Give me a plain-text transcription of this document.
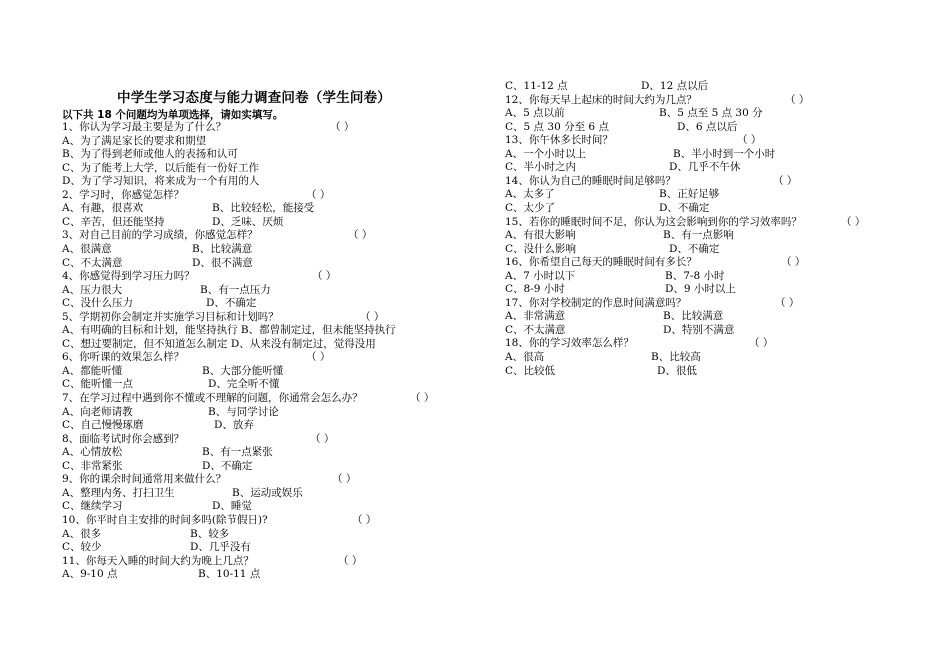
中学生学习态度与能力调查问卷（学生问卷）
以下共 18 个问题均为单项选择，请如实填写。
1、你认为学习最主要是为了什么？	（ ）
A、为了满足家长的要求和期望
B、为了得到老师或他人的表扬和认可
C、为了能考上大学，以后能有一份好工作
D、为了学习知识，将来成为一个有用的人
2、学习时，你感觉怎样？	（ ）
A、有趣，很喜欢	B、比较轻松，能接受
C、辛苦，但还能坚持	D、乏味、厌烦
3、对自己目前的学习成绩，你感觉怎样？	（ ）
A、很满意	B、比较满意
C、不太满意	D、很不满意
4、你感觉得到学习压力吗？	（ ）
A、压力很大	B、有一点压力
C、没什么压力	D、不确定
5、学期初你会制定并实施学习目标和计划吗？	（ ）
A、有明确的目标和计划，能坚持执行 B、都曾制定过，但未能坚持执行
C、想过要制定，但不知道怎么制定 D、从来没有制定过，觉得没用
6、你听课的效果怎么样？	（ ）
A、都能听懂	B、大部分能听懂
C、能听懂一点	D、完全听不懂
7、在学习过程中遇到你不懂或不理解的问题，你通常会怎么办？	（ ）
A、向老师请教	B、与同学讨论
C、自己慢慢琢磨	D、放弃
8、面临考试时你会感到？	（ ）
A、心情放松	B、有一点紧张
C、非常紧张	D、不确定
9、你的课余时间通常用来做什么？	（ ）
A、整理内务、打扫卫生	B、运动或娱乐
C、继续学习	D、睡觉
10、你平时自主安排的时间多吗(除节假日)?	（ ）
A、很多	B、较多
C、较少	D、几乎没有
11、你每天入睡的时间大约为晚上几点？	（ ）
A、9-10 点	B、10-11 点
C、11-12 点	D、12 点以后
12、你每天早上起床的时间大约为几点？	（ ）
A、5 点以前	B、5 点至 5 点 30 分
C、5 点 30 分至 6 点	D、6 点以后
13、你午休多长时间？	（ ）
A、一个小时以上	B、半小时到一个小时
C、半小时之内	D、几乎不午休
14、你认为自己的睡眠时间足够吗？	（ ）
A、太多了	B、正好足够
C、太少了	D、不确定
15、若你的睡眠时间不足，你认为这会影响到你的学习效率吗？	（ ）
A、有很大影响	B、有一点影响
C、没什么影响	D、不确定
16、你希望自己每天的睡眠时间有多长？	（ ）
A、7 小时以下	B、7-8 小时
C、8-9 小时	D、9 小时以上
17、你对学校制定的作息时间满意吗？	（ ）
A、非常满意	B、比较满意
C、不太满意	D、特别不满意
18、你的学习效率怎么样？	（ ）
A、很高	B、比较高
C、比较低	D、很低
